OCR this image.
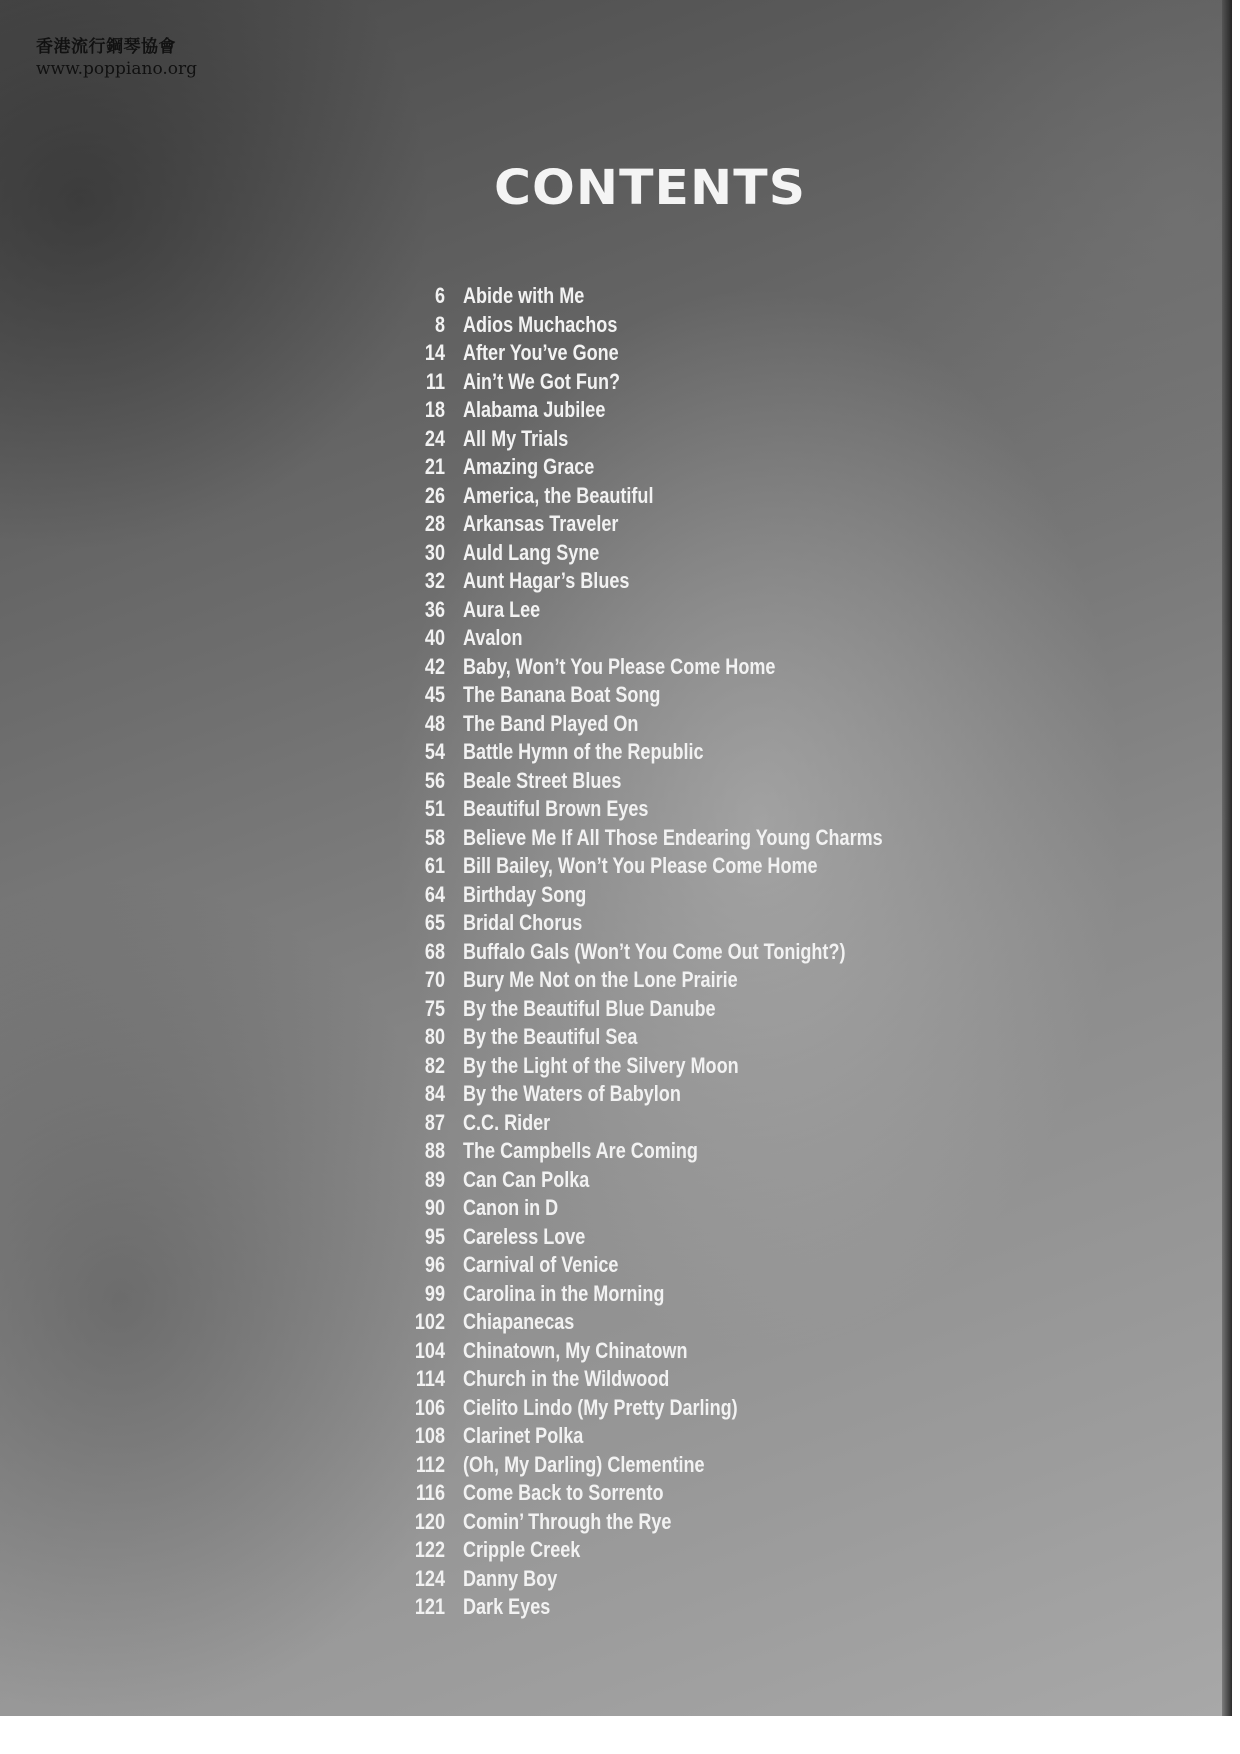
香港流行鋼琴協會
www.poppiano.org
CONTENTS
6 Abide with Me
8 Adios Muchachos
14 After You’ve Gone
11 Ain’t We Got Fun?
18 Alabama Jubilee
24 All My Trials
21 Amazing Grace
26 America, the Beautiful
28 Arkansas Traveler
30 Auld Lang Syne
32 Aunt Hagar’s Blues
36 Aura Lee
40 Avalon
42 Baby, Won’t You Please Come Home
45 The Banana Boat Song
48 The Band Played On
54 Battle Hymn of the Republic
56 Beale Street Blues
51 Beautiful Brown Eyes
58 Believe Me If All Those Endearing Young Charms
61 Bill Bailey, Won’t You Please Come Home
64 Birthday Song
65 Bridal Chorus
68 Buffalo Gals (Won’t You Come Out Tonight?)
70 Bury Me Not on the Lone Prairie
75 By the Beautiful Blue Danube
80 By the Beautiful Sea
82 By the Light of the Silvery Moon
84 By the Waters of Babylon
87 C.C. Rider
88 The Campbells Are Coming
89 Can Can Polka
90 Canon in D
95 Careless Love
96 Carnival of Venice
99 Carolina in the Morning
102 Chiapanecas
104 Chinatown, My Chinatown
114 Church in the Wildwood
106 Cielito Lindo (My Pretty Darling)
108 Clarinet Polka
112 (Oh, My Darling) Clementine
116 Come Back to Sorrento
120 Comin’ Through the Rye
122 Cripple Creek
124 Danny Boy
121 Dark Eyes
